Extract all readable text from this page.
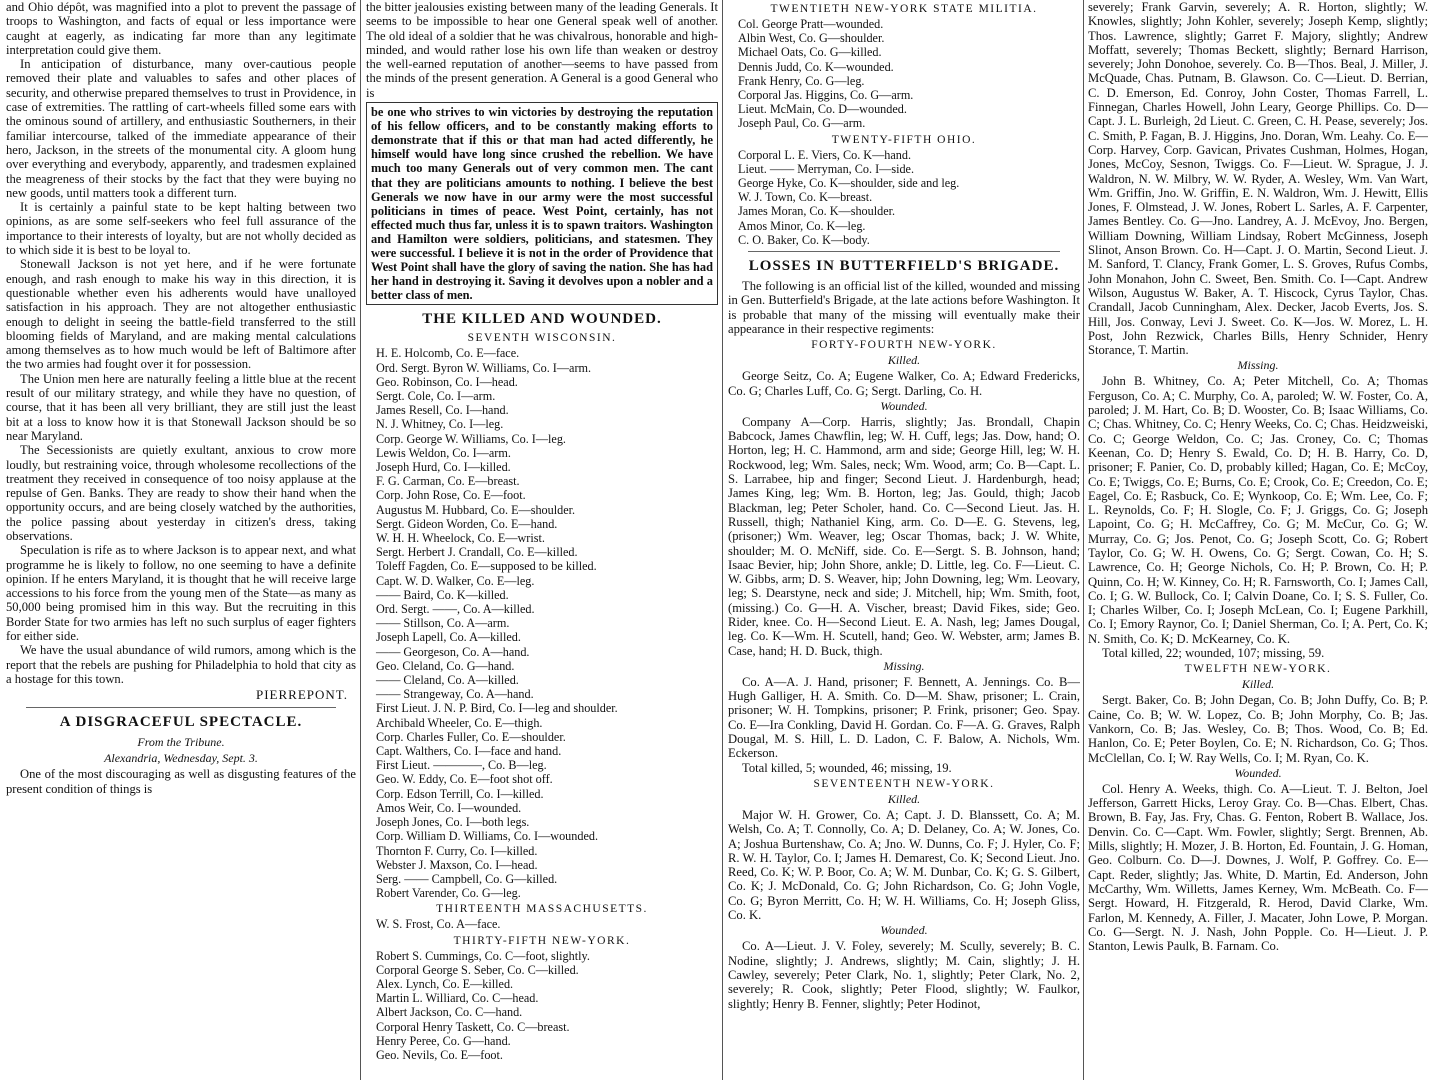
and Ohio dépôt, was magnified into a plot to prevent the passage of troops to Washington, and facts of equal or less importance were caught at eagerly, as indicating far more than any legitimate interpretation could give them.

In anticipation of disturbance, many over-cautious people removed their plate and valuables to safes and other places of security, and otherwise prepared themselves to trust in Providence, in case of extremities. The rattling of cart-wheels filled some ears with the ominous sound of artillery, and enthusiastic Southerners, in their familiar intercourse, talked of the immediate appearance of their hero, Jackson, in the streets of the monumental city. A gloom hung over everything and everybody, apparently, and tradesmen explained the meagreness of their stocks by the fact that they were buying no new goods, until matters took a different turn.

It is certainly a painful state to be kept halting between two opinions, as are some self-seekers who feel full assurance of the importance to their interests of loyalty, but are not wholly decided as to which side it is best to be loyal to.

Stonewall Jackson is not yet here, and if he were fortunate enough, and rash enough to make his way in this direction, it is questionable whether even his adherents would have unalloyed satisfaction in his approach. They are not altogether enthusiastic enough to delight in seeing the battle-field transferred to the still blooming fields of Maryland, and are making mental calculations among themselves as to how much would be left of Baltimore after the two armies had fought over it for possession.

The Union men here are naturally feeling a little blue at the recent result of our military strategy, and while they have no question, of course, that it has been all very brilliant, they are still just the least bit at a loss to know how it is that Stonewall Jackson should be so near Maryland.

The Secessionists are quietly exultant, anxious to crow more loudly, but restraining voice, through wholesome recollections of the treatment they received in consequence of too noisy applause at the repulse of Gen. Banks. They are ready to show their hand when the opportunity occurs, and are being closely watched by the authorities, the police passing about yesterday in citizen's dress, taking observations.

Speculation is rife as to where Jackson is to appear next, and what programme he is likely to follow, no one seeming to have a definite opinion. If he enters Maryland, it is thought that he will receive large accessions to his force from the young men of the State—as many as 50,000 being promised him in this way. But the recruiting in this Border State for two armies has left no such surplus of eager fighters for either side.

We have the usual abundance of wild rumors, among which is the report that the rebels are pushing for Philadelphia to hold that city as a hostage for this town.

PIERREPONT.
A DISGRACEFUL SPECTACLE.
From the Tribune.
Alexandria, Wednesday, Sept. 3.

One of the most discouraging as well as disgusting features of the present condition of things is

the bitter jealousies existing between many of the leading Generals. It seems to be impossible to hear one General speak well of another. The old ideal of a soldier that he was chivalrous, honorable and high-minded, and would rather lose his own life than weaken or destroy the well-earned reputation of another—seems to have passed from the minds of the present generation. A General is a good General who is

be one who strives to win victories by destroying the reputation of his fellow officers, and to be constantly making efforts to demonstrate that if this or that man had acted differently, he himself would have long since crushed the rebellion. We have much too many Generals out of very common men. The cant that they are politicians amounts to nothing. I believe the best Generals we now have in our army were the most successful politicians in times of peace. West Point, certainly, has not effected much thus far, unless it is to spawn traitors. Washington and Hamilton were soldiers, politicians, and statesmen. They were successful. I believe it is not in the order of Providence that West Point shall have the glory of saving the nation. She has had her hand in destroying it. Saving it devolves upon a nobler and a better class of men.

THE KILLED AND WOUNDED.
SEVENTH WISCONSIN.
H. E. Holcomb, Co. E—face.
Ord. Sergt. Byron W. Williams, Co. I—arm.
Geo. Robinson, Co. I—head.
Sergt. Cole, Co. I—arm.
James Resell, Co. I—hand.
N. J. Whitney, Co. I—leg.
Corp. George W. Williams, Co. I—leg.
Lewis Weldon, Co. I—arm.
Joseph Hurd, Co. I—killed.
F. G. Carman, Co. E—breast.
Corp. John Rose, Co. E—foot.
Augustus M. Hubbard, Co. E—shoulder.
Sergt. Gideon Worden, Co. E—hand.
W. H. H. Wheelock, Co. E—wrist.
Sergt. Herbert J. Crandall, Co. E—killed.
Toleff Fagden, Co. E—supposed to be killed.
Capt. W. D. Walker, Co. E—leg.
—— Baird, Co. K—killed.
Ord. Sergt. ——, Co. A—killed.
—— Stillson, Co. A—arm.
Joseph Lapell, Co. A—killed.
—— Georgeson, Co. A—hand.
Geo. Cleland, Co. G—hand.
—— Cleland, Co. A—killed.
—— Strangeway, Co. A—hand.
First Lieut. J. N. P. Bird, Co. I—leg and shoulder.
Archibald Wheeler, Co. E—thigh.
Corp. Charles Fuller, Co. E—shoulder.
Capt. Walthers, Co. I—face and hand.
First Lieut. ————, Co. B—leg.
Geo. W. Eddy, Co. E—foot shot off.
Corp. Edson Terrill, Co. I—killed.
Amos Weir, Co. I—wounded.
Joseph Jones, Co. I—both legs.
Corp. William D. Williams, Co. I—wounded.
Thornton F. Curry, Co. I—killed.
Webster J. Maxson, Co. I—head.
Serg. —— Campbell, Co. G—killed.
Robert Varender, Co. G—leg.
THIRTEENTH MASSACHUSETTS.
W. S. Frost, Co. A—face.
THIRTY-FIFTH NEW-YORK.
Robert S. Cummings, Co. C—foot, slightly.
Corporal George S. Seber, Co. C—killed.
Alex. Lynch, Co. E—killed.
Martin L. Williard, Co. C—head.
Albert Jackson, Co. C—hand.
Corporal Henry Taskett, Co. C—breast.
Henry Peree, Co. G—hand.
Geo. Nevils, Co. E—foot.
TWENTIETH NEW-YORK STATE MILITIA.
Col. George Pratt—wounded.
Albin West, Co. G—shoulder.
Michael Oats, Co. G—killed.
Dennis Judd, Co. K—wounded.
Frank Henry, Co. G—leg.
Corporal Jas. Higgins, Co. G—arm.
Lieut. McMain, Co. D—wounded.
Joseph Paul, Co. G—arm.
TWENTY-FIFTH OHIO.
Corporal L. E. Viers, Co. K—hand.
Lieut. —— Merryman, Co. I—side.
George Hyke, Co. K—shoulder, side and leg.
W. J. Town, Co. K—breast.
James Moran, Co. K—shoulder.
Amos Minor, Co. K—leg.
C. O. Baker, Co. K—body.
LOSSES IN BUTTERFIELD'S BRIGADE.

The following is an official list of the killed, wounded and missing in Gen. Butterfield's Brigade, at the late actions before Washington. It is probable that many of the missing will eventually make their appearance in their respective regiments:

FORTY-FOURTH NEW-YORK.
Killed.

George Seitz, Co. A; Eugene Walker, Co. A; Edward Fredericks, Co. G; Charles Luff, Co. G; Sergt. Darling, Co. H.

Wounded.

Company A—Corp. Harris, slightly; Jas. Brondall, Chapin Babcock, James Chawflin, leg; W. H. Cuff, legs; Jas. Dow, hand; O. Horton, leg; H. C. Hammond, arm and side; George Hill, leg; W. H. Rockwood, leg; Wm. Sales, neck; Wm. Wood, arm; Co. B—Capt. L. S. Larrabee, hip and finger; Second Lieut. J. Hardenburgh, head; James King, leg; Wm. B. Horton, leg; Jas. Gould, thigh; Jacob Blackman, leg; Peter Scholer, hand. Co. C—Second Lieut. Jas. H. Russell, thigh; Nathaniel King, arm. Co. D—E. G. Stevens, leg, (prisoner;) Wm. Weaver, leg; Oscar Thomas, back; J. W. White, shoulder; M. O. McNiff, side. Co. E—Sergt. S. B. Johnson, hand; Isaac Bevier, hip; John Shore, ankle; D. Little, leg. Co. F—Lieut. C. W. Gibbs, arm; D. S. Weaver, hip; John Downing, leg; Wm. Leovary, leg; S. Dearstyne, neck and side; J. Mitchell, hip; Wm. Smith, foot, (missing.) Co. G—H. A. Vischer, breast; David Fikes, side; Geo. Rider, knee. Co. H—Second Lieut. E. A. Nash, leg; James Dougal, leg. Co. K—Wm. H. Scutell, hand; Geo. W. Webster, arm; James B. Case, hand; H. D. Buck, thigh.

Missing.

Co. A—A. J. Hand, prisoner; F. Bennett, A. Jennings. Co. B—Hugh Galliger, H. A. Smith. Co. D—M. Shaw, prisoner; L. Crain, prisoner; W. H. Tompkins, prisoner; P. Frink, prisoner; Geo. Spay. Co. E—Ira Conkling, David H. Gordan. Co. F—A. G. Graves, Ralph Dougal, M. S. Hill, L. D. Ladon, C. F. Balow, A. Nichols, Wm. Eckerson.

Total killed, 5; wounded, 46; missing, 19.

SEVENTEENTH NEW-YORK.
Killed.

Major W. H. Grower, Co. A; Capt. J. D. Blanssett, Co. A; M. Welsh, Co. A; T. Connolly, Co. A; D. Delaney, Co. A; W. Jones, Co. A; Joshua Burtenshaw, Co. A; Jno. W. Dunns, Co. F; J. Hyler, Co. F; R. W. H. Taylor, Co. I; James H. Demarest, Co. K; Second Lieut. Jno. Reed, Co. K; W. P. Boor, Co. A; W. M. Dunbar, Co. K; G. S. Gilbert, Co. K; J. McDonald, Co. G; John Richardson, Co. G; John Vogle, Co. G; Byron Merritt, Co. H; W. H. Williams, Co. H; Joseph Gliss, Co. K.

Wounded.

Co. A—Lieut. J. V. Foley, severely; M. Scully, severely; B. C. Nodine, slightly; J. Andrews, slightly; M. Cain, slightly; J. H. Cawley, severely; Peter Clark, No. 1, slightly; Peter Clark, No. 2, severely; R. Cook, slightly; Peter Flood, slightly; W. Faulkor, slightly; Henry B. Fenner, slightly; Peter Hodinot,

severely; Frank Garvin, severely; A. R. Horton, slightly; W. Knowles, slightly; John Kohler, severely; Joseph Kemp, slightly; Thos. Lawrence, slightly; Garret F. Majory, slightly; Andrew Moffatt, severely; Thomas Beckett, slightly; Bernard Harrison, severely; John Donohoe, severely. Co. B—Thos. Beal, J. Miller, J. McQuade, Chas. Putnam, B. Glawson. Co. C—Lieut. D. Berrian, C. D. Emerson, Ed. Conroy, John Coster, Thomas Farrell, L. Finnegan, Charles Howell, John Leary, George Phillips. Co. D—Capt. J. L. Burleigh, 2d Lieut. C. Green, C. H. Pease, severely; Jos. C. Smith, P. Fagan, B. J. Higgins, Jno. Doran, Wm. Leahy. Co. E—Corp. Harvey, Corp. Gavican, Privates Cushman, Holmes, Hogan, Jones, McCoy, Sesnon, Twiggs. Co. F—Lieut. W. Sprague, J. J. Waldron, N. W. Milbry, W. W. Ryder, A. Wesley, Wm. Van Wart, Wm. Griffin, Jno. W. Griffin, E. N. Waldron, Wm. J. Hewitt, Ellis Jones, F. Olmstead, J. W. Jones, Robert L. Sarles, A. F. Carpenter, James Bentley. Co. G—Jno. Landrey, A. J. McEvoy, Jno. Bergen, William Downing, William Lindsay, Robert McGinness, Joseph Slinot, Anson Brown. Co. H—Capt. J. O. Martin, Second Lieut. J. M. Sanford, T. Clancy, Frank Gomer, L. S. Groves, Rufus Combs, John Monahon, John C. Sweet, Ben. Smith. Co. I—Capt. Andrew Wilson, Augustus W. Baker, A. T. Hiscock, Cyrus Taylor, Chas. Crandall, Jacob Cunningham, Alex. Decker, Jacob Everts, Jos. S. Hill, Jos. Conway, Levi J. Sweet. Co. K—Jos. W. Morez, L. H. Post, John Rezwick, Charles Bills, Henry Schnider, Henry Storance, T. Martin.

Missing.

John B. Whitney, Co. A; Peter Mitchell, Co. A; Thomas Ferguson, Co. A; C. Murphy, Co. A, paroled; W. W. Foster, Co. A, paroled; J. M. Hart, Co. B; D. Wooster, Co. B; Isaac Williams, Co. C; Chas. Whitney, Co. C; Henry Weeks, Co. C; Chas. Heidzweiski, Co. C; George Weldon, Co. C; Jas. Croney, Co. C; Thomas Keenan, Co. D; Henry S. Ewald, Co. D; H. B. Harry, Co. D, prisoner; F. Panier, Co. D, probably killed; Hagan, Co. E; McCoy, Co. E; Twiggs, Co. E; Burns, Co. E; Crook, Co. E; Creedon, Co. E; Eagel, Co. E; Rasbuck, Co. E; Wynkoop, Co. E; Wm. Lee, Co. F; L. Reynolds, Co. F; H. Slogle, Co. F; J. Griggs, Co. G; Joseph Lapoint, Co. G; H. McCaffrey, Co. G; M. McCur, Co. G; W. Murray, Co. G; Jos. Penot, Co. G; Joseph Scott, Co. G; Robert Taylor, Co. G; W. H. Owens, Co. G; Sergt. Cowan, Co. H; S. Lawrence, Co. H; George Nichols, Co. H; P. Brown, Co. H; P. Quinn, Co. H; W. Kinney, Co. H; R. Farnsworth, Co. I; James Call, Co. I; G. W. Bullock, Co. I; Calvin Doane, Co. I; S. S. Fuller, Co. I; Charles Wilber, Co. I; Joseph McLean, Co. I; Eugene Parkhill, Co. I; Emory Raynor, Co. I; Daniel Sherman, Co. I; A. Pert, Co. K; N. Smith, Co. K; D. McKearney, Co. K.

Total killed, 22; wounded, 107; missing, 59.

TWELFTH NEW-YORK.
Killed.

Sergt. Baker, Co. B; John Degan, Co. B; John Duffy, Co. B; P. Caine, Co. B; W. W. Lopez, Co. B; John Morphy, Co. B; Jas. Vankorn, Co. B; Jas. Wesley, Co. B; Thos. Wood, Co. B; Ed. Hanlon, Co. E; Peter Boylen, Co. E; N. Richardson, Co. G; Thos. McClellan, Co. I; W. Ray Wells, Co. I; M. Ryan, Co. K.

Wounded.

Col. Henry A. Weeks, thigh. Co. A—Lieut. T. J. Belton, Joel Jefferson, Garrett Hicks, Leroy Gray. Co. B—Chas. Elbert, Chas. Brown, B. Fay, Jas. Fry, Chas. G. Fenton, Robert B. Wallace, Jos. Denvin. Co. C—Capt. Wm. Fowler, slightly; Sergt. Brennen, Ab. Mills, slightly; H. Mozer, J. B. Horton, Ed. Fountain, J. G. Homan, Geo. Colburn. Co. D—J. Downes, J. Wolf, P. Goffrey. Co. E—Capt. Reder, slightly; Jas. White, D. Martin, Ed. Anderson, John McCarthy, Wm. Willetts, James Kerney, Wm. McBeath. Co. F—Sergt. Howard, H. Fitzgerald, R. Herod, David Clarke, Wm. Farlon, M. Kennedy, A. Filler, J. Macater, John Lowe, P. Morgan. Co. G—Sergt. N. J. Nash, John Popple. Co. H—Lieut. J. P. Stanton, Lewis Paulk, B. Farnam. Co.
